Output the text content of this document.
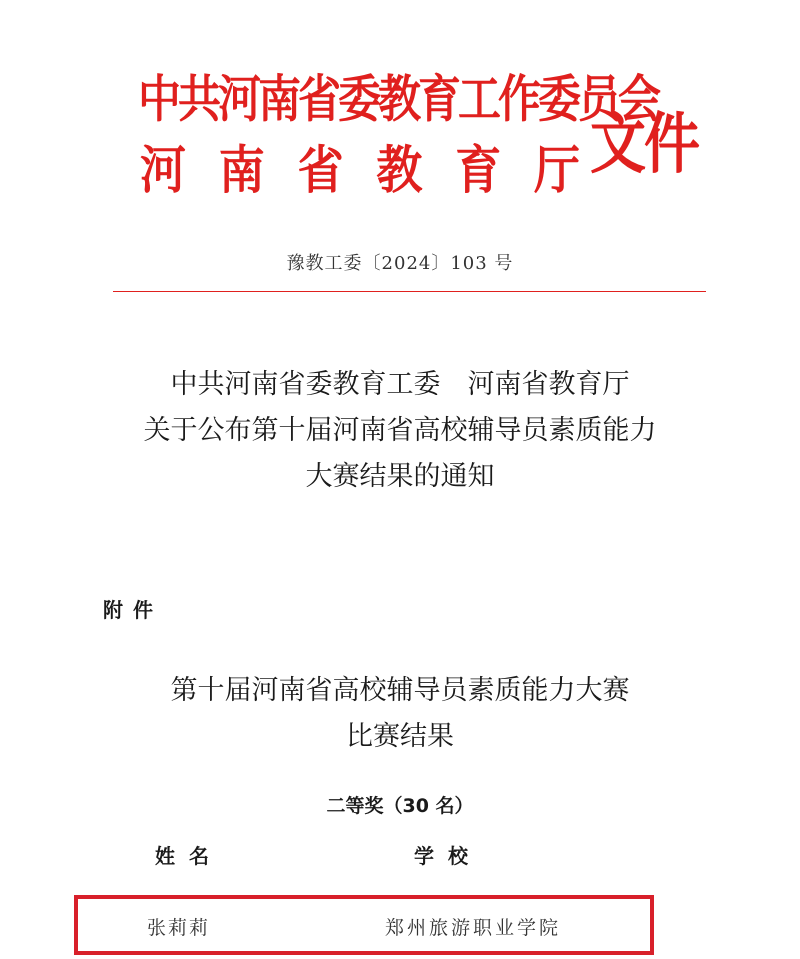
中共河南省委教育工作委员会
河 南 省 教 育 厅 文件
豫教工委〔2024〕103 号
中共河南省委教育工委　河南省教育厅
关于公布第十届河南省高校辅导员素质能力
大赛结果的通知
附件
第十届河南省高校辅导员素质能力大赛
比赛结果
二等奖（30 名）
姓名	学校
张莉莉	郑州旅游职业学院
